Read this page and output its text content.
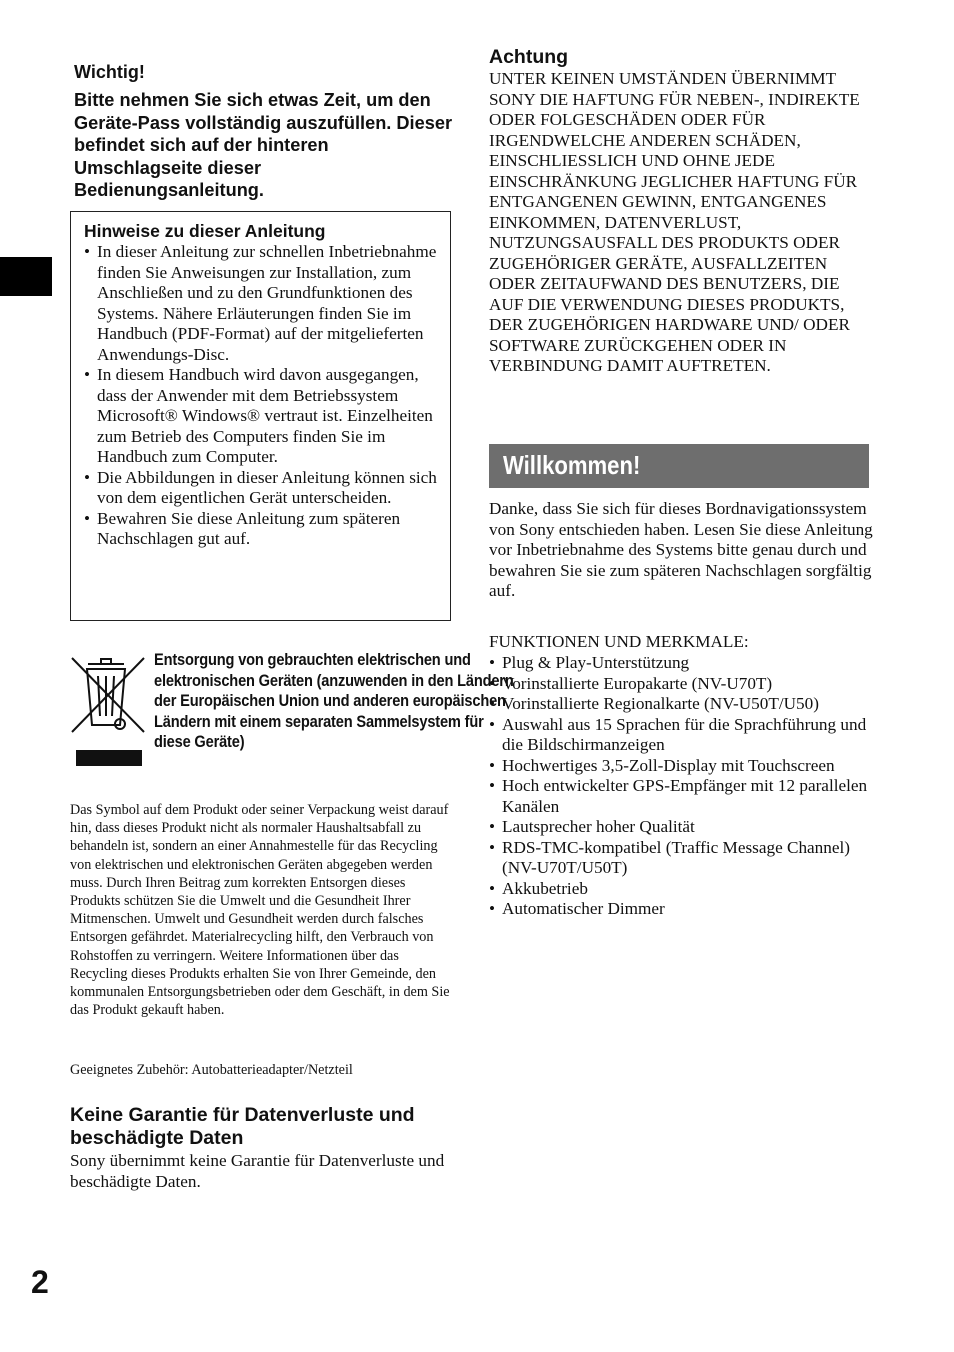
Wichtig!
Bitte nehmen Sie sich etwas Zeit, um den Geräte-Pass vollständig auszufüllen. Dieser befindet sich auf der hinteren Umschlagseite dieser Bedienungsanleitung.
Hinweise zu dieser Anleitung
• In dieser Anleitung zur schnellen Inbetriebnahme finden Sie Anweisungen zur Installation, zum Anschließen und zu den Grundfunktionen des Systems. Nähere Erläuterungen finden Sie im Handbuch (PDF-Format) auf der mitgelieferten Anwendungs-Disc.
• In diesem Handbuch wird davon ausgegangen, dass der Anwender mit dem Betriebssystem Microsoft® Windows® vertraut ist. Einzelheiten zum Betrieb des Computers finden Sie im Handbuch zum Computer.
• Die Abbildungen in dieser Anleitung können sich von dem eigentlichen Gerät unterscheiden.
• Bewahren Sie diese Anleitung zum späteren Nachschlagen gut auf.
Entsorgung von gebrauchten elektrischen und elektronischen Geräten (anzuwenden in den Ländern der Europäischen Union und anderen europäischen Ländern mit einem separaten Sammelsystem für diese Geräte)
Das Symbol auf dem Produkt oder seiner Verpackung weist darauf hin, dass dieses Produkt nicht als normaler Haushaltsabfall zu behandeln ist, sondern an einer Annahmestelle für das Recycling von elektrischen und elektronischen Geräten abgegeben werden muss. Durch Ihren Beitrag zum korrekten Entsorgen dieses Produkts schützen Sie die Umwelt und die Gesundheit Ihrer Mitmenschen. Umwelt und Gesundheit werden durch falsches Entsorgen gefährdet. Materialrecycling hilft, den Verbrauch von Rohstoffen zu verringern. Weitere Informationen über das Recycling dieses Produkts erhalten Sie von Ihrer Gemeinde, den kommunalen Entsorgungsbetrieben oder dem Geschäft, in dem Sie das Produkt gekauft haben.
Geeignetes Zubehör: Autobatterieadapter/Netzteil
Keine Garantie für Datenverluste und beschädigte Daten
Sony übernimmt keine Garantie für Datenverluste und beschädigte Daten.
Achtung
UNTER KEINEN UMSTÄNDEN ÜBERNIMMT SONY DIE HAFTUNG FÜR NEBEN-, INDIREKTE ODER FOLGESCHÄDEN ODER FÜR IRGENDWELCHE ANDEREN SCHÄDEN, EINSCHLIESSLICH UND OHNE JEDE EINSCHRÄNKUNG JEGLICHER HAFTUNG FÜR ENTGANGENEN GEWINN, ENTGANGENES EINKOMMEN, DATENVERLUST, NUTZUNGSAUSFALL DES PRODUKTS ODER ZUGEHÖRIGER GERÄTE, AUSFALLZEITEN ODER ZEITAUFWAND DES BENUTZERS, DIE AUF DIE VERWENDUNG DIESES PRODUKTS, DER ZUGEHÖRIGEN HARDWARE UND/ ODER SOFTWARE ZURÜCKGEHEN ODER IN VERBINDUNG DAMIT AUFTRETEN.
Willkommen!
Danke, dass Sie sich für dieses Bordnavigationssystem von Sony entschieden haben. Lesen Sie diese Anleitung vor Inbetriebnahme des Systems bitte genau durch und bewahren Sie sie zum späteren Nachschlagen sorgfältig auf.
FUNKTIONEN UND MERKMALE:
• Plug & Play-Unterstützung
• Vorinstallierte Europakarte (NV-U70T)
• Vorinstallierte Regionalkarte (NV-U50T/U50)
• Auswahl aus 15 Sprachen für die Sprachführung und die Bildschirmanzeigen
• Hochwertiges 3,5-Zoll-Display mit Touchscreen
• Hoch entwickelter GPS-Empfänger mit 12 parallelen Kanälen
• Lautsprecher hoher Qualität
• RDS-TMC-kompatibel (Traffic Message Channel) (NV-U70T/U50T)
• Akkubetrieb
• Automatischer Dimmer
2
